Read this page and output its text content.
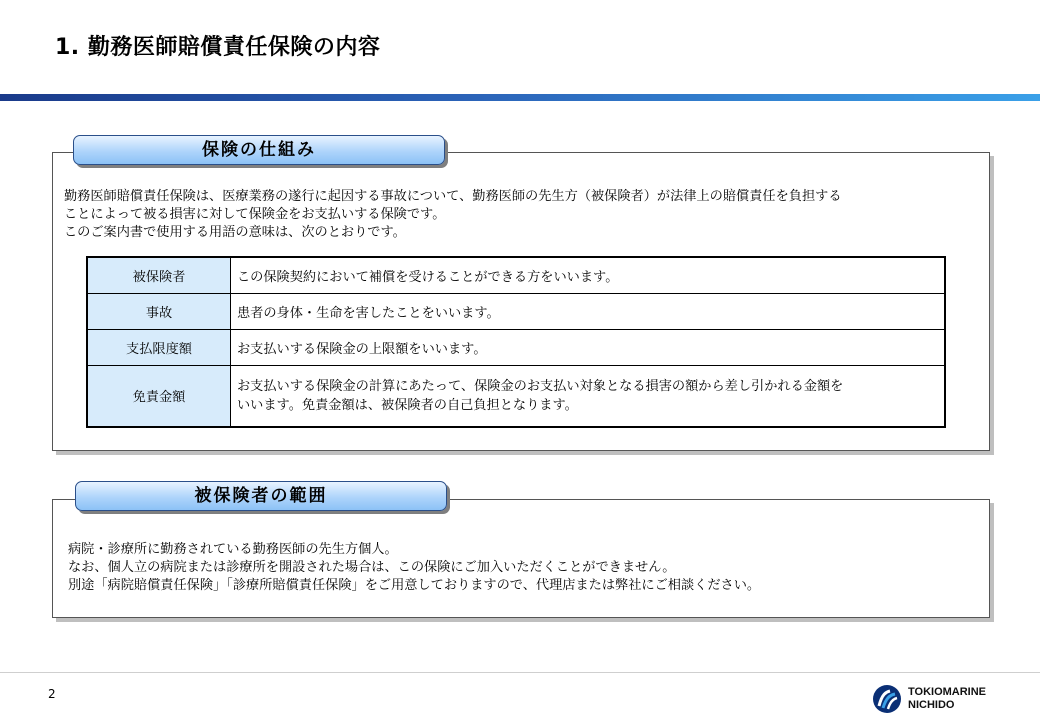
1. 勤務医師賠償責任保険の内容
保険の仕組み
勤務医師賠償責任保険は、医療業務の遂行に起因する事故について、勤務医師の先生方（被保険者）が法律上の賠償責任を負担する
ことによって被る損害に対して保険金をお支払いする保険です。
このご案内書で使用する用語の意味は、次のとおりです。
被保険者	この保険契約において補償を受けることができる方をいいます。
事故	患者の身体・生命を害したことをいいます。
支払限度額	お支払いする保険金の上限額をいいます。
免責金額	お支払いする保険金の計算にあたって、保険金のお支払い対象となる損害の額から差し引かれる金額を
いいます。免責金額は、被保険者の自己負担となります。
被保険者の範囲
病院・診療所に勤務されている勤務医師の先生方個人。
なお、個人立の病院または診療所を開設された場合は、この保険にご加入いただくことができません。
別途「病院賠償責任保険」「診療所賠償責任保険」をご用意しておりますので、代理店または弊社にご相談ください。
2	TOKIOMARINE
NICHIDO
